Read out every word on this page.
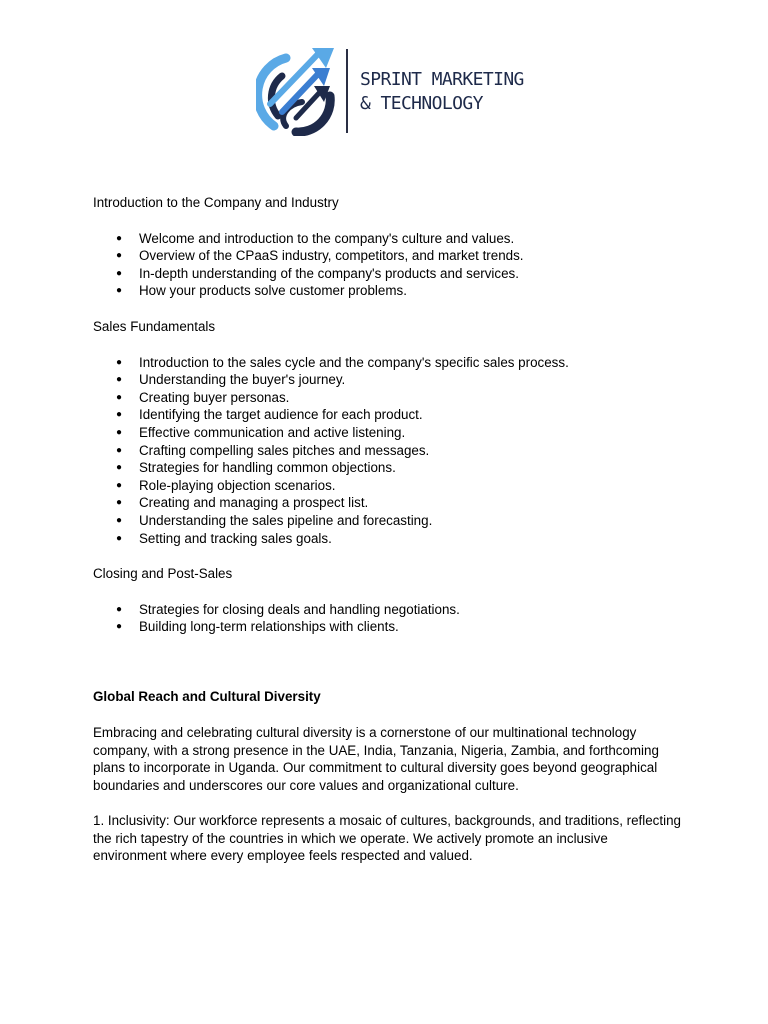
SPRINT MARKETING
& TECHNOLOGY

Introduction to the Company and Industry

● Welcome and introduction to the company's culture and values.
● Overview of the CPaaS industry, competitors, and market trends.
● In-depth understanding of the company's products and services.
● How your products solve customer problems.

Sales Fundamentals

● Introduction to the sales cycle and the company's specific sales process.
● Understanding the buyer's journey.
● Creating buyer personas.
● Identifying the target audience for each product.
● Effective communication and active listening.
● Crafting compelling sales pitches and messages.
● Strategies for handling common objections.
● Role-playing objection scenarios.
● Creating and managing a prospect list.
● Understanding the sales pipeline and forecasting.
● Setting and tracking sales goals.

Closing and Post-Sales

● Strategies for closing deals and handling negotiations.
● Building long-term relationships with clients.

Global Reach and Cultural Diversity

Embracing and celebrating cultural diversity is a cornerstone of our multinational technology company, with a strong presence in the UAE, India, Tanzania, Nigeria, Zambia, and forthcoming plans to incorporate in Uganda. Our commitment to cultural diversity goes beyond geographical boundaries and underscores our core values and organizational culture.

1. Inclusivity: Our workforce represents a mosaic of cultures, backgrounds, and traditions, reflecting the rich tapestry of the countries in which we operate. We actively promote an inclusive environment where every employee feels respected and valued.
